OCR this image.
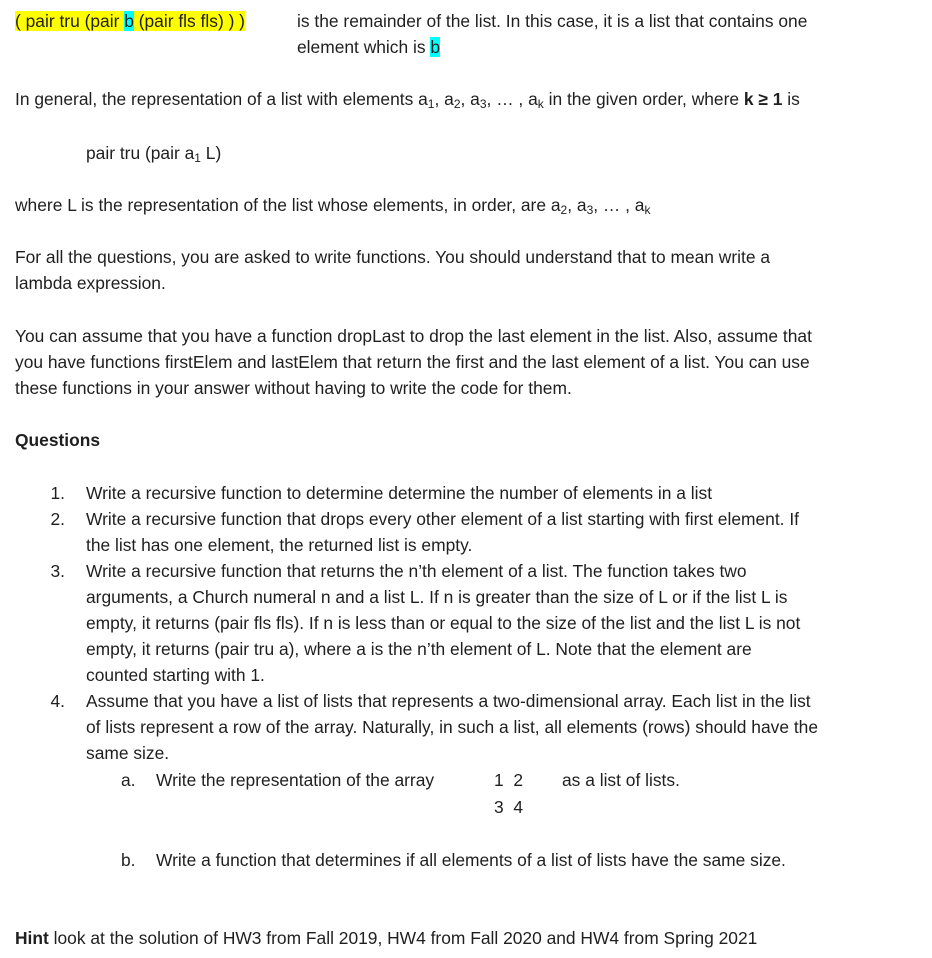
( pair tru (pair b (pair fls fls) ) )	is the remainder of the list. In this case, it is a list that contains one
element which is b
In general, the representation of a list with elements $a_1$, $a_2$, $a_3$, … , $a_k$ in the given order, where k ≥ 1 is
pair tru (pair $a_1$ L)
where L is the representation of the list whose elements, in order, are $a_2$, $a_3$, … , $a_k$
For all the questions, you are asked to write functions. You should understand that to mean write a
lambda expression.
You can assume that you have a function dropLast to drop the last element in the list. Also, assume that
you have functions firstElem and lastElem that return the first and the last element of a list. You can use
these functions in your answer without having to write the code for them.
Questions
1. Write a recursive function to determine determine the number of elements in a list
2. Write a recursive function that drops every other element of a list starting with first element. If
the list has one element, the returned list is empty.
3. Write a recursive function that returns the n’th element of a list. The function takes two
arguments, a Church numeral n and a list L. If n is greater than the size of L or if the list L is
empty, it returns (pair fls fls). If n is less than or equal to the size of the list and the list L is not
empty, it returns (pair tru a), where a is the n’th element of L. Note that the element are
counted starting with 1.
4. Assume that you have a list of lists that represents a two-dimensional array. Each list in the list
of lists represent a row of the array. Naturally, in such a list, all elements (rows) should have the
same size.
a. Write the representation of the array	1  2
3  4
as a list of lists.
b. Write a function that determines if all elements of a list of lists have the same size.
Hint look at the solution of HW3 from Fall 2019, HW4 from Fall 2020 and HW4 from Spring 2021
